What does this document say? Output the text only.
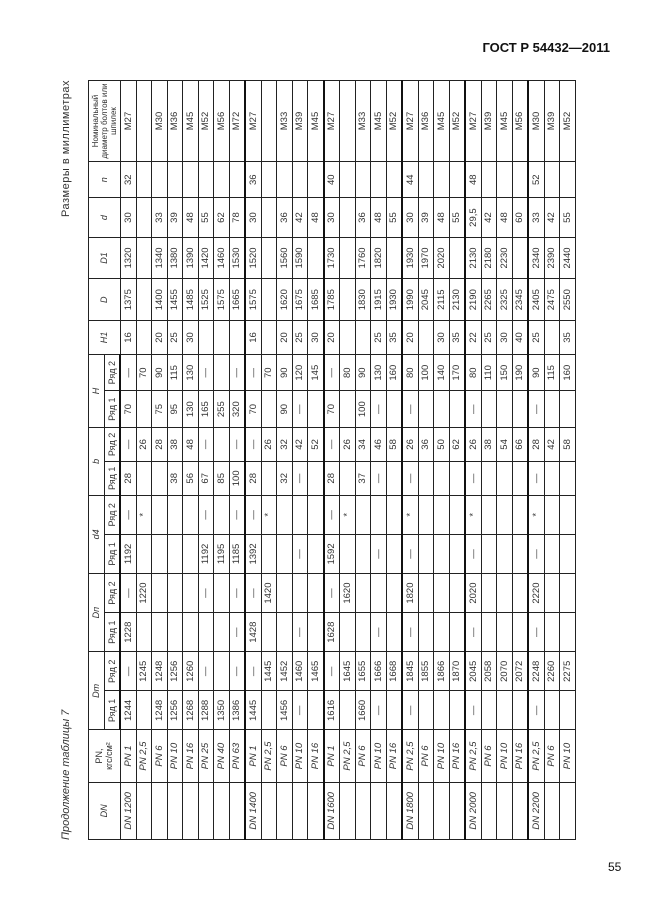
ГОСТ Р 54432—2011
Продолжение таблицы 7
Размеры в миллиметрах
DN	PN,
кгс/см²	Dm		Dп		d4		b		H		H1	D	D1	d	n	Номинальный диаметр болтов или шпилек
		Ряд 1	Ряд 2	Ряд 1	Ряд 2	Ряд 1	Ряд 2	Ряд 1	Ряд 2	Ряд 1	Ряд 2						
DN 1200	PN 1	1244	—	1228	—	1192	—	28	—	70	—	16	1375	1320	30	32	M27
	PN 2,5		1245		1220		*		26		70						
	PN 6	1248	1248						28	75	90	20	1400	1340	33		M30
	PN 10	1256	1256					38	38	95	115	25	1455	1380	39		M36
	PN 16	1268	1260					56	48	130	130	30	1485	1390	48		M45
	PN 25	1288	—		—	1192	—	67	—	165	—		1525	1420	55		M52
	PN 40	1350				1195		85		255			1575	1460	62		M56
	PN 63	1386	—	—	—	1185	—	100	—	320	—		1665	1530	78		M72
DN 1400	PN 1	1445	—	1428	—	1392	—	28	—	70	—	16	1575	1520	30	36	M27
	PN 2,5		1445		1420		*		26		70						
	PN 6	1456	1452					32	32	90	90	20	1620	1560	36		M33
	PN 10	—	1460	—		—		—	42	—	120	25	1675	1590	42		M39
	PN 16		1465						52		145	30	1685		48		M45
DN 1600	PN 1	1616	—	1628	—	1592	—	28	—	70	—	20	1785	1730	30	40	M27
	PN 2,5		1645		1620		*		26		80						
	PN 6	1660	1655					37	34	100	90		1830	1760	36		M33
	PN 10	—	1666	—		—		—	46	—	130	25	1915	1820	48		M45
	PN 16		1668						58		160	35	1930		55		M52
DN 1800	PN 2,5	—	1845	—	1820	—	*	—	26	—	80	20	1990	1930	30	44	M27
	PN 6		1855						36		100		2045	1970	39		M36
	PN 10		1866						50		140	30	2115	2020	48		M45
	PN 16		1870						62		170	35	2130		55		M52
DN 2000	PN 2,5	—	2045	—	2020	—	*	—	26	—	80	22	2190	2130	29,5	48	M27
	PN 6		2058						38		110	25	2265	2180	42		M39
	PN 10		2070						54		150	30	2325	2230	48		M45
	PN 16		2072						66		190	40	2345		60		M56
DN 2200	PN 2,5	—	2248	—	2220	—	*	—	28	—	90	25	2405	2340	33	52	M30
	PN 6		2260						42		115		2475	2390	42		M39
	PN 10		2275						58		160	35	2550	2440	55		M52
55
